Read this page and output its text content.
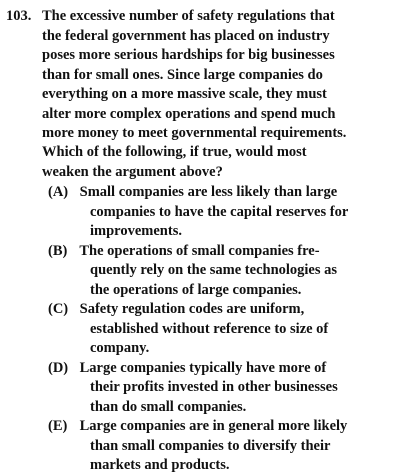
103. The excessive number of safety regulations that
the federal government has placed on industry
poses more serious hardships for big businesses
than for small ones. Since large companies do
everything on a more massive scale, they must
alter more complex operations and spend much
more money to meet governmental requirements.
Which of the following, if true, would most
weaken the argument above?
(A) Small companies are less likely than large
companies to have the capital reserves for
improvements.
(B) The operations of small companies fre-
quently rely on the same technologies as
the operations of large companies.
(C) Safety regulation codes are uniform,
established without reference to size of
company.
(D) Large companies typically have more of
their profits invested in other businesses
than do small companies.
(E) Large companies are in general more likely
than small companies to diversify their
markets and products.
